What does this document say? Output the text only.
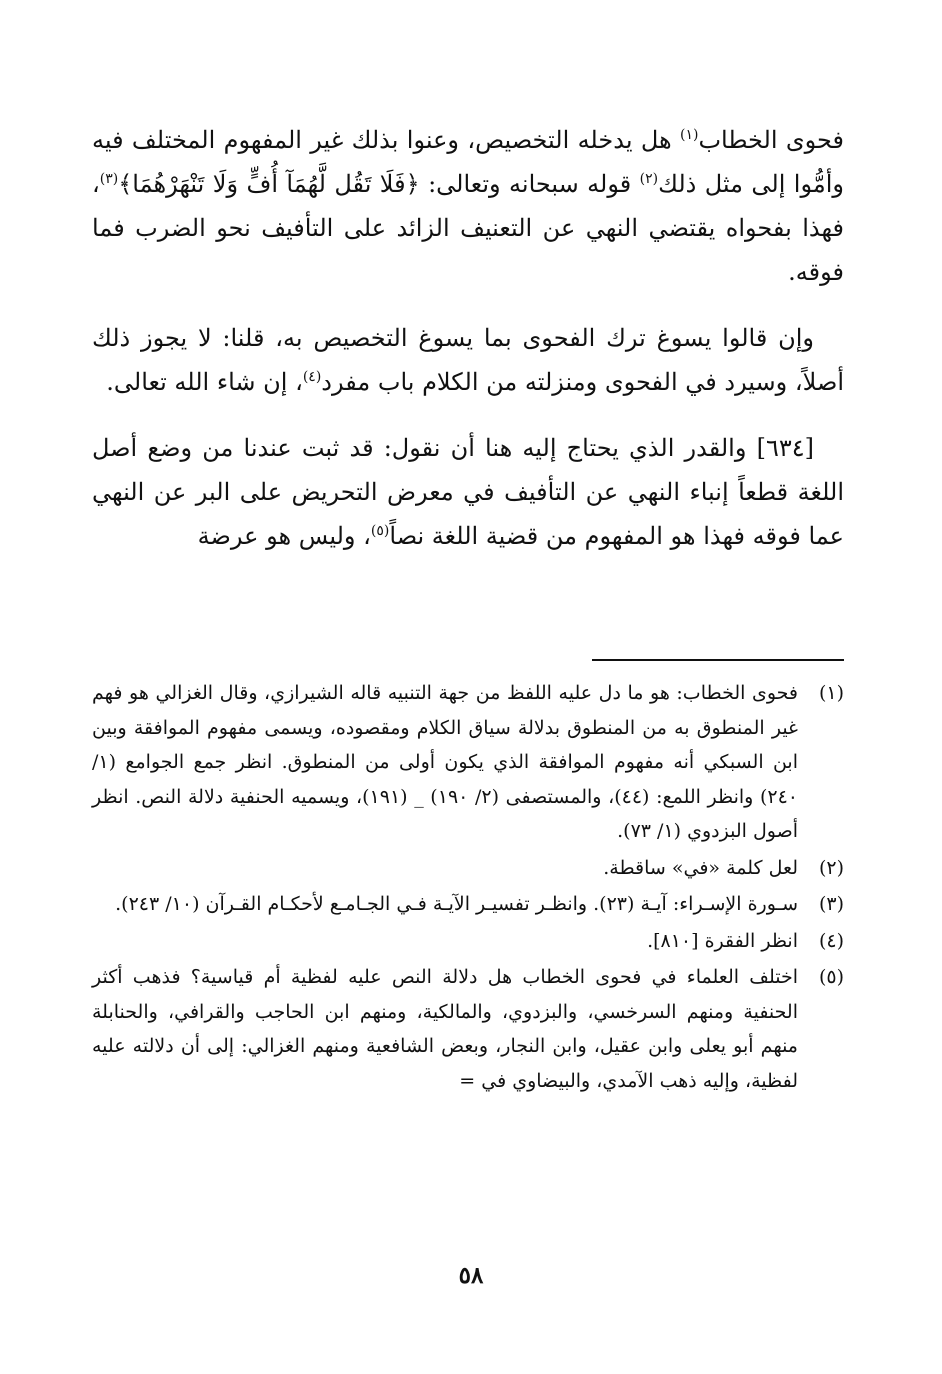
فحوى الخطاب$^{(١)}$ هل يدخله التخصيص، وعنوا بذلك غير المفهوم المختلف فيه وأمُّوا إلى مثل ذلك$^{(٢)}$ قوله سبحانه وتعالى: ﴿فَلَا تَقُل لَّهُمَآ أُفٍّ وَلَا تَنْهَرْهُمَا﴾$^{(٣)}$، فهذا بفحواه يقتضي النهي عن التعنيف الزائد على التأفيف نحو الضرب فما فوقه.

وإن قالوا يسوغ ترك الفحوى بما يسوغ التخصيص به، قلنا: لا يجوز ذلك أصلاً، وسيرد في الفحوى ومنزلته من الكلام باب مفرد$^{(٤)}$، إن شاء الله تعالى.

[٦٣٤] والقدر الذي يحتاج إليه هنا أن نقول: قد ثبت عندنا من وضع أصل اللغة قطعاً إنباء النهي عن التأفيف في معرض التحريض على البر عن النهي عما فوقه فهذا هو المفهوم من قضية اللغة نصاً$^{(٥)}$، وليس هو عرضة

(١)
فحوى الخطاب: هو ما دل عليه اللفظ من جهة التنبيه قاله الشيرازي، وقال الغزالي هو فهم غير المنطوق به من المنطوق بدلالة سياق الكلام ومقصوده، ويسمى مفهوم الموافقة وبين ابن السبكي أنه مفهوم الموافقة الذي يكون أولى من المنطوق. انظر جمع الجوامع (١/ ٢٤٠) وانظر اللمع: (٤٤)، والمستصفى (٢/ ١٩٠) _ (١٩١)، ويسميه الحنفية دلالة النص. انظر أصول البزدوي (١/ ٧٣).
(٢)
لعل كلمة «في» ساقطة.
(٣)
سـورة الإسـراء: آيـة (٢٣). وانظـر تفسيـر الآيـة فـي الجـامـع لأحكـام القـرآن (١٠/ ٢٤٣).
(٤)
انظر الفقرة [٨١٠].
(٥)
اختلف العلماء في فحوى الخطاب هل دلالة النص عليه لفظية أم قياسية؟ فذهب أكثر الحنفية ومنهم السرخسي، والبزدوي، والمالكية، ومنهم ابن الحاجب والقرافي، والحنابلة منهم أبو يعلى وابن عقيل، وابن النجار، وبعض الشافعية ومنهم الغزالي: إلى أن دلالته عليه لفظية، وإليه ذهب الآمدي، والبيضاوي في =
٥٨
